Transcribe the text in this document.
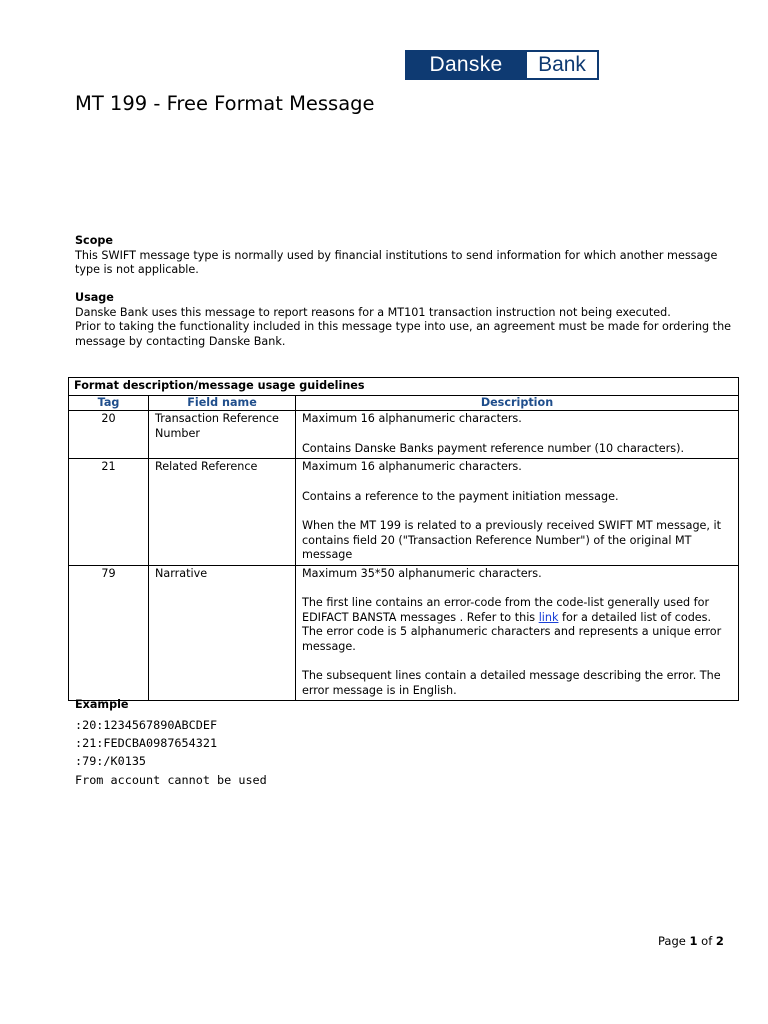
Danske	Bank
MT 199 - Free Format Message
Scope

This SWIFT message type is normally used by financial institutions to send information for which another message type is not applicable.

Usage

Danske Bank uses this message to report reasons for a MT101 transaction instruction not being executed.

Prior to taking the functionality included in this message type into use, an agreement must be made for ordering the message by contacting Danske Bank.

Format description/message usage guidelines		
Tag	Field name	Description
20	Transaction Reference Number	Maximum 16 alphanumeric characters.

Contains Danske Banks payment reference number (10 characters).

21	Related Reference	Maximum 16 alphanumeric characters.

Contains a reference to the payment initiation message.

When the MT 199 is related to a previously received SWIFT MT message, it contains field 20 ("Transaction Reference Number") of the original MT message

79	Narrative	Maximum 35*50 alphanumeric characters.

The first line contains an error-code from the code-list generally used for EDIFACT BANSTA messages . Refer to this link for a detailed list of codes. The error code is 5 alphanumeric characters and represents a unique error message.

The subsequent lines contain a detailed message describing the error. The error message is in English.

Example
:20:1234567890ABCDEF
:21:FEDCBA0987654321
:79:/K0135
From account cannot be used
Page 1 of 2
